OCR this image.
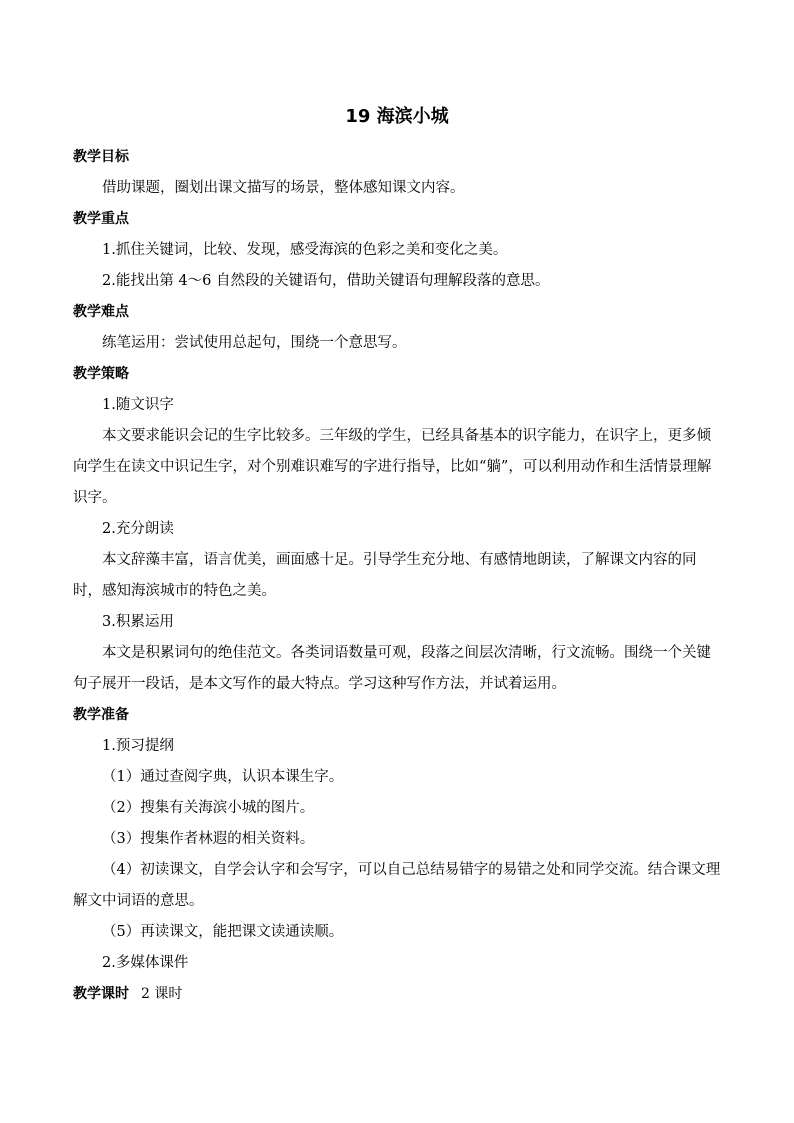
19 海滨小城
教学目标

借助课题，圈划出课文描写的场景，整体感知课文内容。

教学重点

1.抓住关键词，比较、发现，感受海滨的色彩之美和变化之美。

2.能找出第 4～6 自然段的关键语句，借助关键语句理解段落的意思。

教学难点

练笔运用：尝试使用总起句，围绕一个意思写。

教学策略

1.随文识字

本文要求能识会记的生字比较多。三年级的学生，已经具备基本的识字能力，在识字上，更多倾向学生在读文中识记生字，对个别难识难写的字进行指导，比如“躺”，可以利用动作和生活情景理解识字。

2.充分朗读

本文辞藻丰富，语言优美，画面感十足。引导学生充分地、有感情地朗读，了解课文内容的同时，感知海滨城市的特色之美。

3.积累运用

本文是积累词句的绝佳范文。各类词语数量可观，段落之间层次清晰，行文流畅。围绕一个关键句子展开一段话，是本文写作的最大特点。学习这种写作方法，并试着运用。

教学准备

1.预习提纲

（1）通过查阅字典，认识本课生字。

（2）搜集有关海滨小城的图片。

（3）搜集作者林遐的相关资料。

（4）初读课文，自学会认字和会写字，可以自己总结易错字的易错之处和同学交流。结合课文理解文中词语的意思。

（5）再读课文，能把课文读通读顺。

2.多媒体课件

教学课时 2 课时
